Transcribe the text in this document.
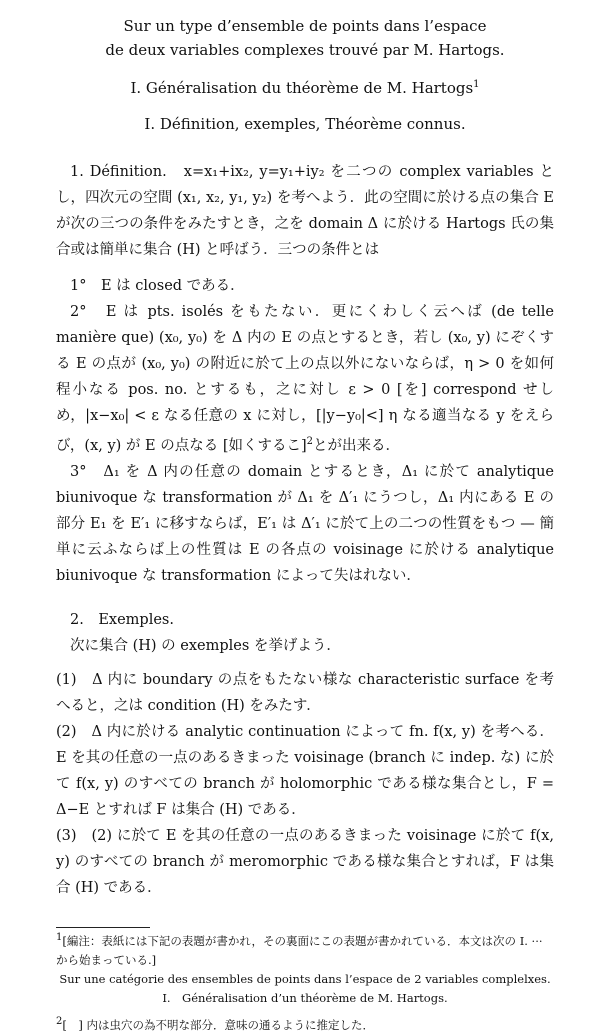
Sur un type d’ensemble de points dans l’espace
de deux variables complexes trouvé par M. Hartogs.
I. Généralisation du théorème de M. Hartogs$^1$
I. Définition, exemples, Théorème connus.

1. Définition.　x=x₁+ix₂, y=y₁+iy₂ を二つの complex variables とし，四次元の空間 (x₁, x₂, y₁, y₂) を考へよう．此の空間に於ける点の集合 E が次の三つの条件をみたすとき，之を domain Δ に於ける Hartogs 氏の集合或は簡単に集合 (H) と呼ばう．三つの条件とは

1°　E は closed である．

2°　E は pts. isolés をもたない．更にくわしく云へば (de telle manière que) (x₀, y₀) を Δ 内の E の点とするとき，若し (x₀, y) にぞくする E の点が (x₀, y₀) の附近に於て上の点以外にないならば，η > 0 を如何程小なる pos. no. とするも，之に対し ε > 0 [を] correspond せしめ，|x−x₀| < ε なる任意の x に対し，[|y−y₀|<] η なる適当なる y をえらび，(x, y) が E の点なる [如くするこ]$^2$とが出来る．

3°　Δ₁ を Δ 内の任意の domain とするとき，Δ₁ に於て analytique biunivoque な transformation が Δ₁ を Δ′₁ にうつし，Δ₁ 内にある E の部分 E₁ を E′₁ に移すならば，E′₁ は Δ′₁ に於て上の二つの性質をもつ — 簡単に云ふならば上の性質は E の各点の voisinage に於ける analytique biunivoque な transformation によって失はれない．

2.　Exemples.

次に集合 (H) の exemples を挙げよう．

(1)　Δ 内に boundary の点をもたない様な characteristic surface を考へると，之は condition (H) をみたす．

(2)　Δ 内に於ける analytic continuation によって fn. f(x, y) を考へる．E を其の任意の一点のあるきまった voisinage (branch に indep. な) に於て f(x, y) のすべての branch が holomorphic である様な集合とし，F = Δ−E とすれば F は集合 (H) である．

(3)　(2) に於て E を其の任意の一点のあるきまった voisinage に於て f(x, y) のすべての branch が meromorphic である様な集合とすれば，F は集合 (H) である．

$^1$[編注：表紙には下記の表題が書かれ，その裏面にこの表題が書かれている．本文は次の I. ··· から始まっている.]
Sur une catégorie des ensembles de points dans l’espace de 2 variables complelxes.
I.　Généralisation d’un théorème de M. Hartogs.
$^2$[　] 内は虫穴の為不明な部分．意味の通るように推定した．
